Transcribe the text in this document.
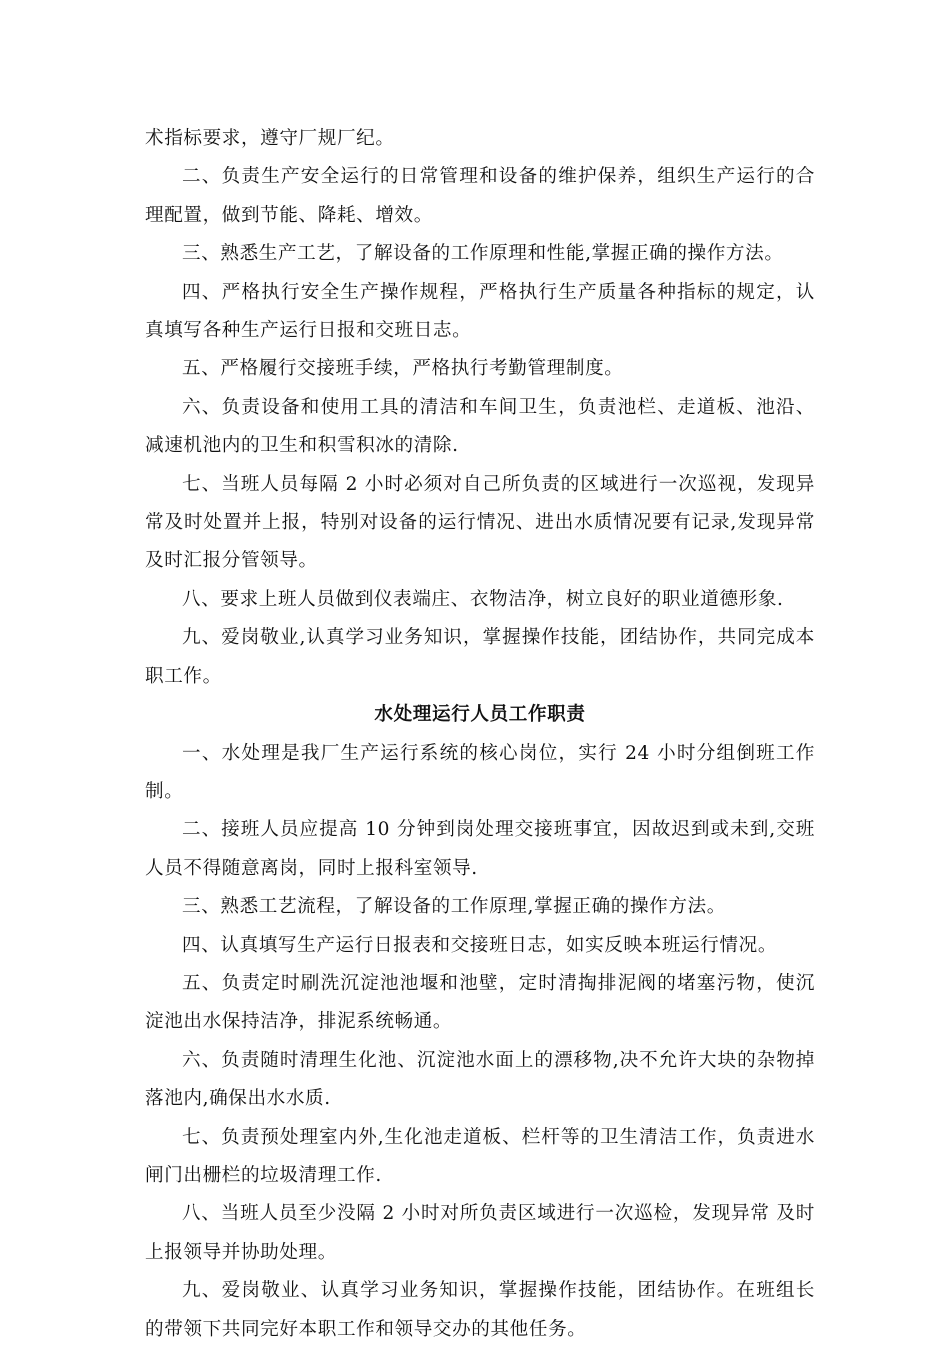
术指标要求，遵守厂规厂纪。

二、负责生产安全运行的日常管理和设备的维护保养，组织生产运行的合理配置，做到节能、降耗、增效。

三、熟悉生产工艺，了解设备的工作原理和性能,掌握正确的操作方法。

四、严格执行安全生产操作规程，严格执行生产质量各种指标的规定，认真填写各种生产运行日报和交班日志。

五、严格履行交接班手续，严格执行考勤管理制度。

六、负责设备和使用工具的清洁和车间卫生，负责池栏、走道板、池沿、减速机池内的卫生和积雪积冰的清除.

七、当班人员每隔 2 小时必须对自己所负责的区域进行一次巡视，发现异常及时处置并上报，特别对设备的运行情况、进出水质情况要有记录,发现异常及时汇报分管领导。

八、要求上班人员做到仪表端庄、衣物洁净，树立良好的职业道德形象.

九、爱岗敬业,认真学习业务知识，掌握操作技能，团结协作，共同完成本职工作。

水处理运行人员工作职责

一、水处理是我厂生产运行系统的核心岗位，实行 24 小时分组倒班工作制。

二、接班人员应提高 10 分钟到岗处理交接班事宜，因故迟到或未到,交班人员不得随意离岗，同时上报科室领导.

三、熟悉工艺流程，了解设备的工作原理,掌握正确的操作方法。

四、认真填写生产运行日报表和交接班日志，如实反映本班运行情况。

五、负责定时刷洗沉淀池池堰和池壁，定时清掏排泥阀的堵塞污物，使沉淀池出水保持洁净，排泥系统畅通。

六、负责随时清理生化池、沉淀池水面上的漂移物,决不允许大块的杂物掉落池内,确保出水水质.

七、负责预处理室内外,生化池走道板、栏杆等的卫生清洁工作，负责进水闸门出栅栏的垃圾清理工作.

八、当班人员至少没隔 2 小时对所负责区域进行一次巡检，发现异常 及时上报领导并协助处理。

九、爱岗敬业、认真学习业务知识，掌握操作技能，团结协作。在班组长的带领下共同完好本职工作和领导交办的其他任务。
